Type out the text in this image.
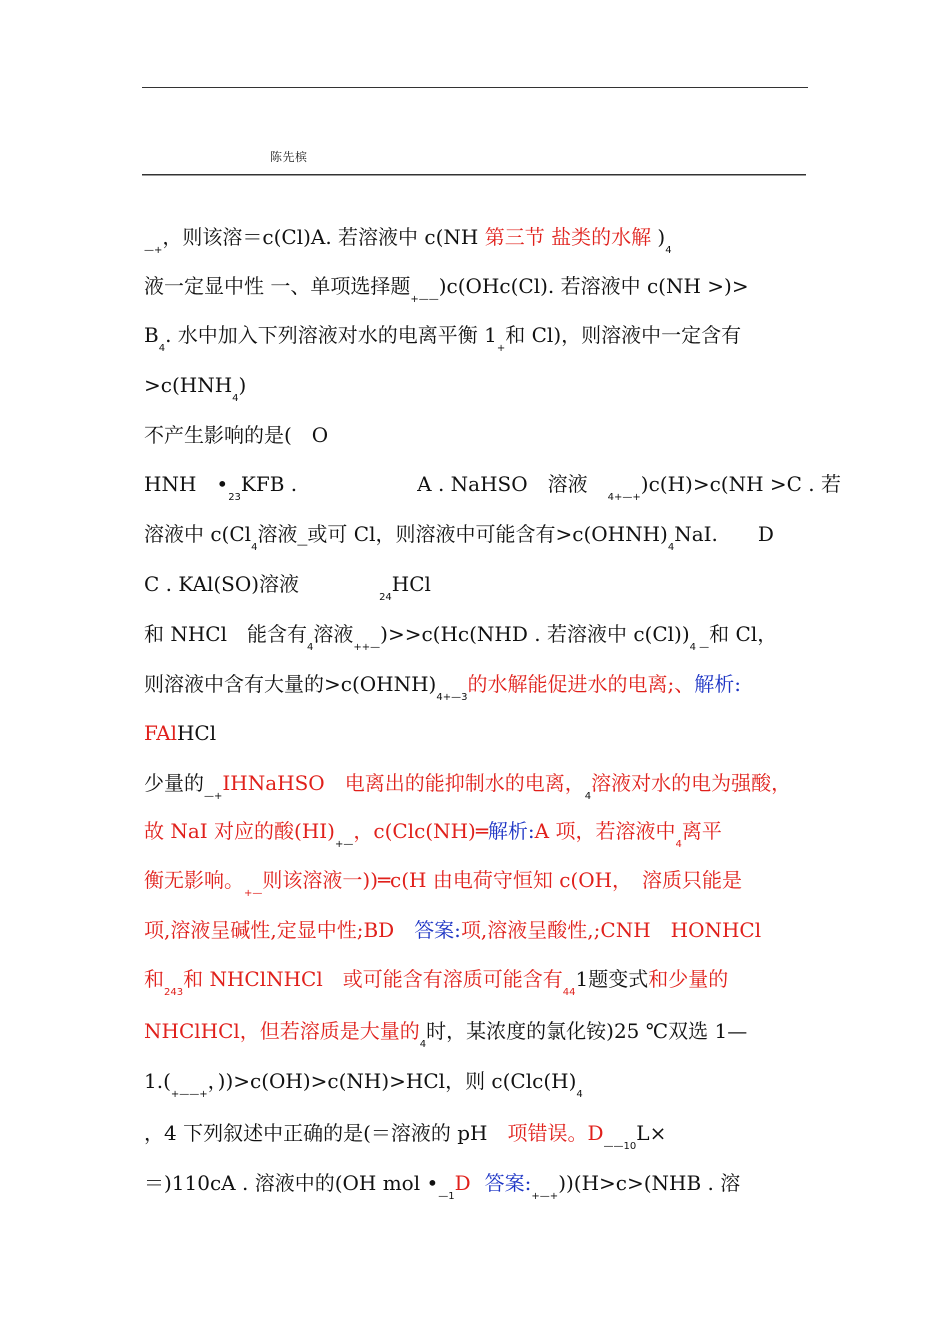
陈先槟
$_{—+}$，则该溶＝c(Cl)A. 若溶液中 c(NH 第三节 盐类的水解 )$_4$
液一定显中性 一、单项选择题$_{+——}$)c(OHc(Cl). 若溶液中 c(NH >)>
$B_4$. 水中加入下列溶液对水的电离平衡 $1_+$和 Cl)，则溶液中一定含有
$>c(HNH_4)$
不产生影响的是(　O
HNH　$•_{23}KFB$ .　　　　　　A . NaHSO　溶液　$_{4+—+}$)c(H)>c(NH >C . 若
溶液中 $c(Cl_4$溶液_或可 Cl，则溶液中可能含有$>c(OHNH)_4NaI$.　　D
C . KAl(SO)溶液　　　　$_{24}$HCl
和 NHCl　能含有$_4$溶液$_{++—}$)>>c(Hc(NHD . 若溶液中 $c(Cl))_{4 —}$和 Cl，
则溶液中含有大量的$>c(OHNH)_{4+—3}$的水解能促进水的电离;、解析:
FAlHCl
少量的$_{—+}$IHNaHSO　电离出的能抑制水的电离，$_4$溶液对水的电为强酸，
故 NaI 对应的酸$(HI)_{+—}$，c(Clc(NH)═解析:A 项，若溶液中$_4$离平
衡无影响。$_{+—}$则该溶液一))═c(H 由电荷守恒知 c(OH，　溶质只能是
项,溶液呈碱性,定显中性;BD　答案:项,溶液呈酸性,;CNH　HONHCl
和$_{243}$和 NHClNHCl　或可能含有溶质可能含有$_{44}$1题变式和少量的
NHClHCl，但若溶质是大量的$_4$时，某浓度的氯化铵)25 ℃双选 1—
$1.(_{+——+}$，))>c(OH)>c(NH)>HCl，则 $c(Clc(H)_4$
，4 下列叙述中正确的是(＝溶液的 pH　项错误。$D_{——10}L\times$
＝)110cA . 溶液中的(OH mol $•_{—1}D$ 答案$:_{+—+}))(H>c>(NHB$ . 溶
